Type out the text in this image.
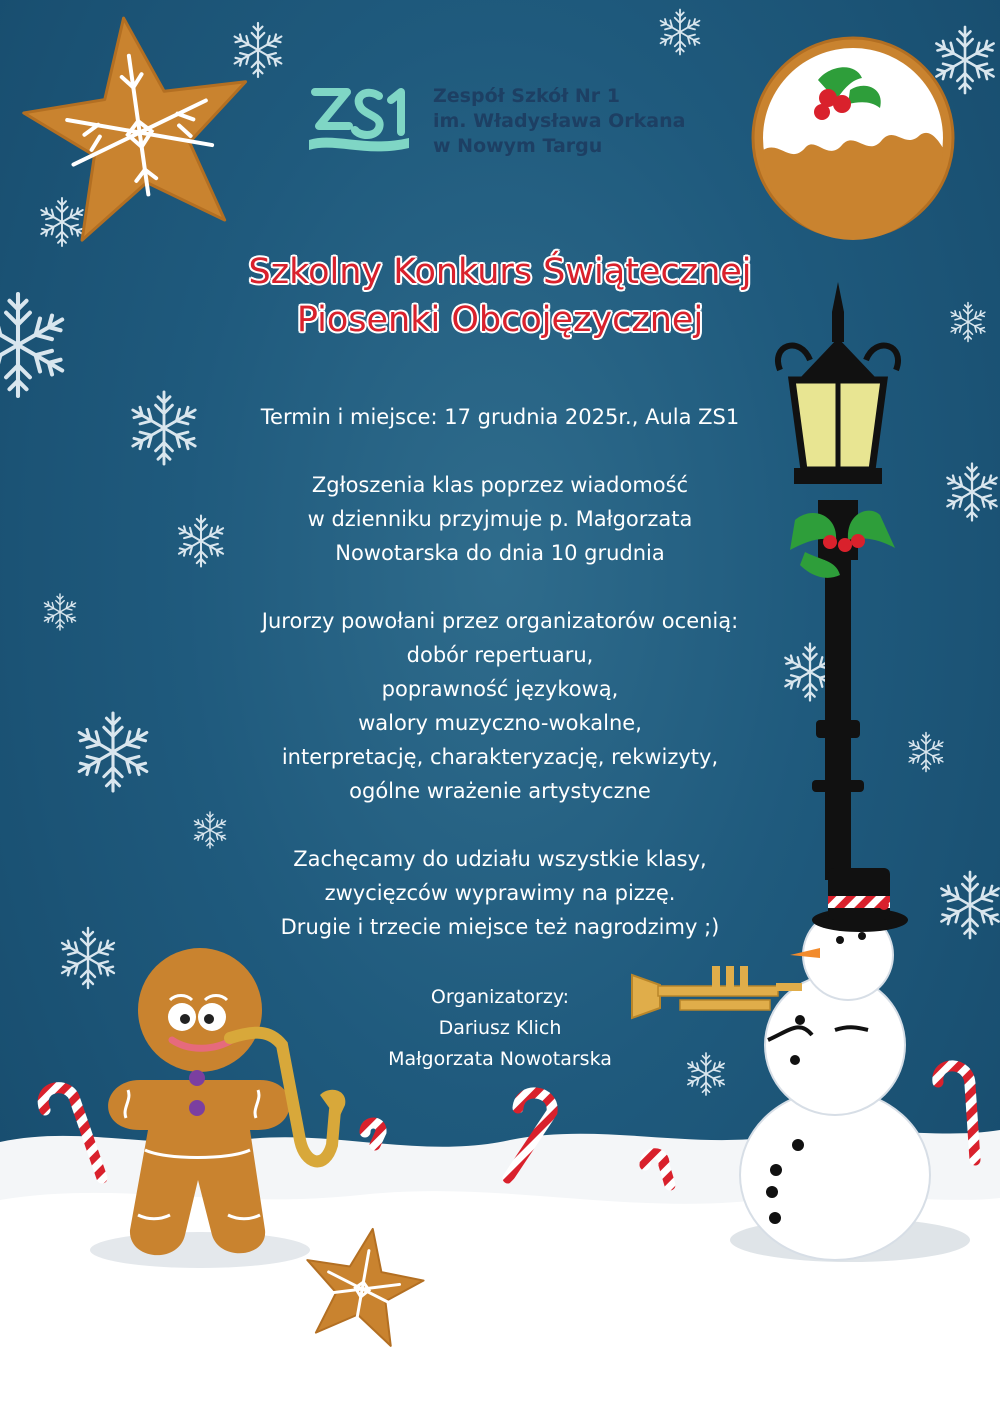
Zespół Szkół Nr 1
im. Władysława Orkana
w Nowym Targu
Szkolny Konkurs Świątecznej
Piosenki Obcojęzycznej
Termin i miejsce: 17 grudnia 2025r., Aula ZS1
Zgłoszenia klas poprzez wiadomość
w dzienniku przyjmuje p. Małgorzata
Nowotarska do dnia 10 grudnia
Jurorzy powołani przez organizatorów ocenią:
dobór repertuaru,
poprawność językową,
walory muzyczno-wokalne,
interpretację, charakteryzację, rekwizyty,
ogólne wrażenie artystyczne
Zachęcamy do udziału wszystkie klasy,
zwycięzców wyprawimy na pizzę.
Drugie i trzecie miejsce też nagrodzimy ;)
Organizatorzy:
Dariusz Klich
Małgorzata Nowotarska
